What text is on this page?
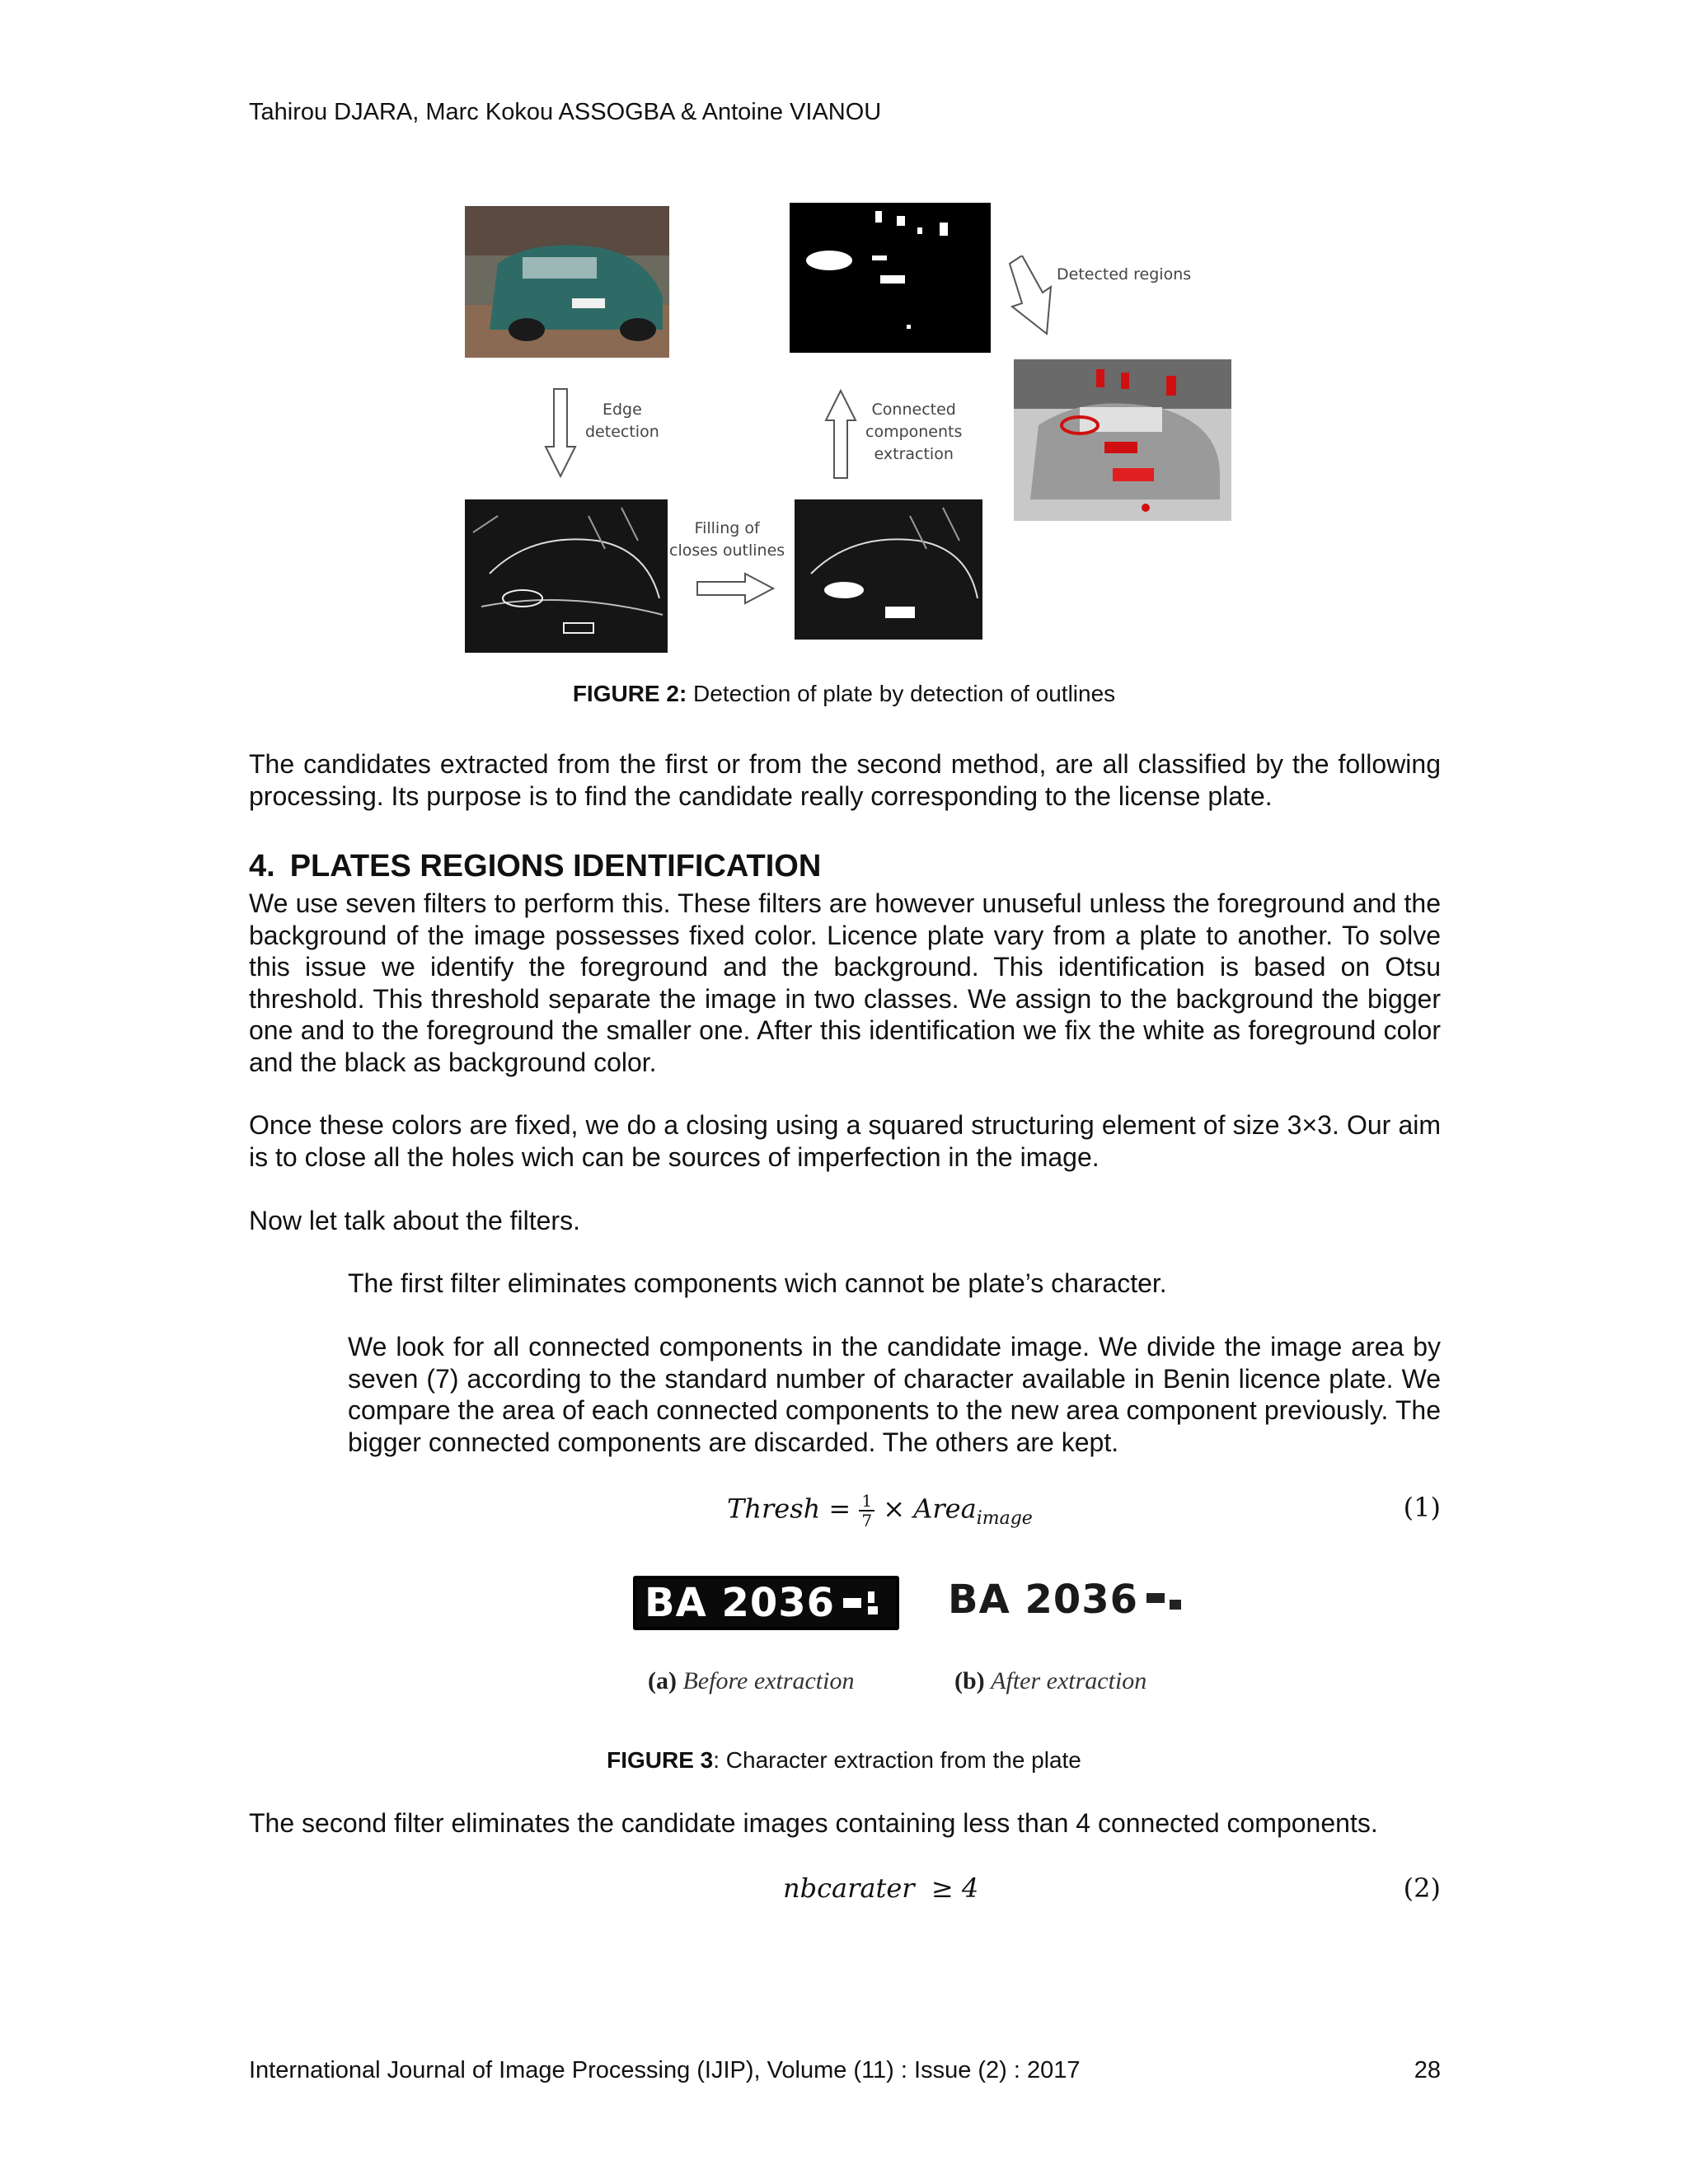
Tahirou DJARA, Marc Kokou ASSOGBA & Antoine VIANOU
Detected regions
Edge
detection
Connected
components
extraction
Filling of
closes outlines
FIGURE 2: Detection of plate by detection of outlines
The candidates extracted from the first or from the second method, are all classified by the following processing. Its purpose is to find the candidate really corresponding to the license plate.
4. PLATES REGIONS IDENTIFICATION
We use seven filters to perform this. These filters are however unuseful unless the foreground and the background of the image possesses fixed color. Licence plate vary from a plate to another. To solve this issue we identify the foreground and the background. This identification is based on Otsu threshold. This threshold separate the image in two classes. We assign to the background the bigger one and to the foreground the smaller one. After this identification we fix the white as foreground color and the black as background color.
Once these colors are fixed, we do a closing using a squared structuring element of size 3×3. Our aim is to close all the holes wich can be sources of imperfection in the image.
Now let talk about the filters.
The first filter eliminates components wich cannot be plate’s character.
We look for all connected components in the candidate image. We divide the image area by seven (7) according to the standard number of character available in Benin licence plate. We compare the area of each connected components to the new area component previously. The bigger connected components are discarded. The others are kept.
Thresh = $\frac{1}{7}$ × Area$_{image}$	(1)
BA 2036	BA 2036
(a) Before extraction	(b) After extraction
FIGURE 3: Character extraction from the plate
The second filter eliminates the candidate images containing less than 4 connected components.
nbcarater  ≥ 4	(2)
International Journal of Image Processing (IJIP), Volume (11) : Issue (2) : 2017	28
